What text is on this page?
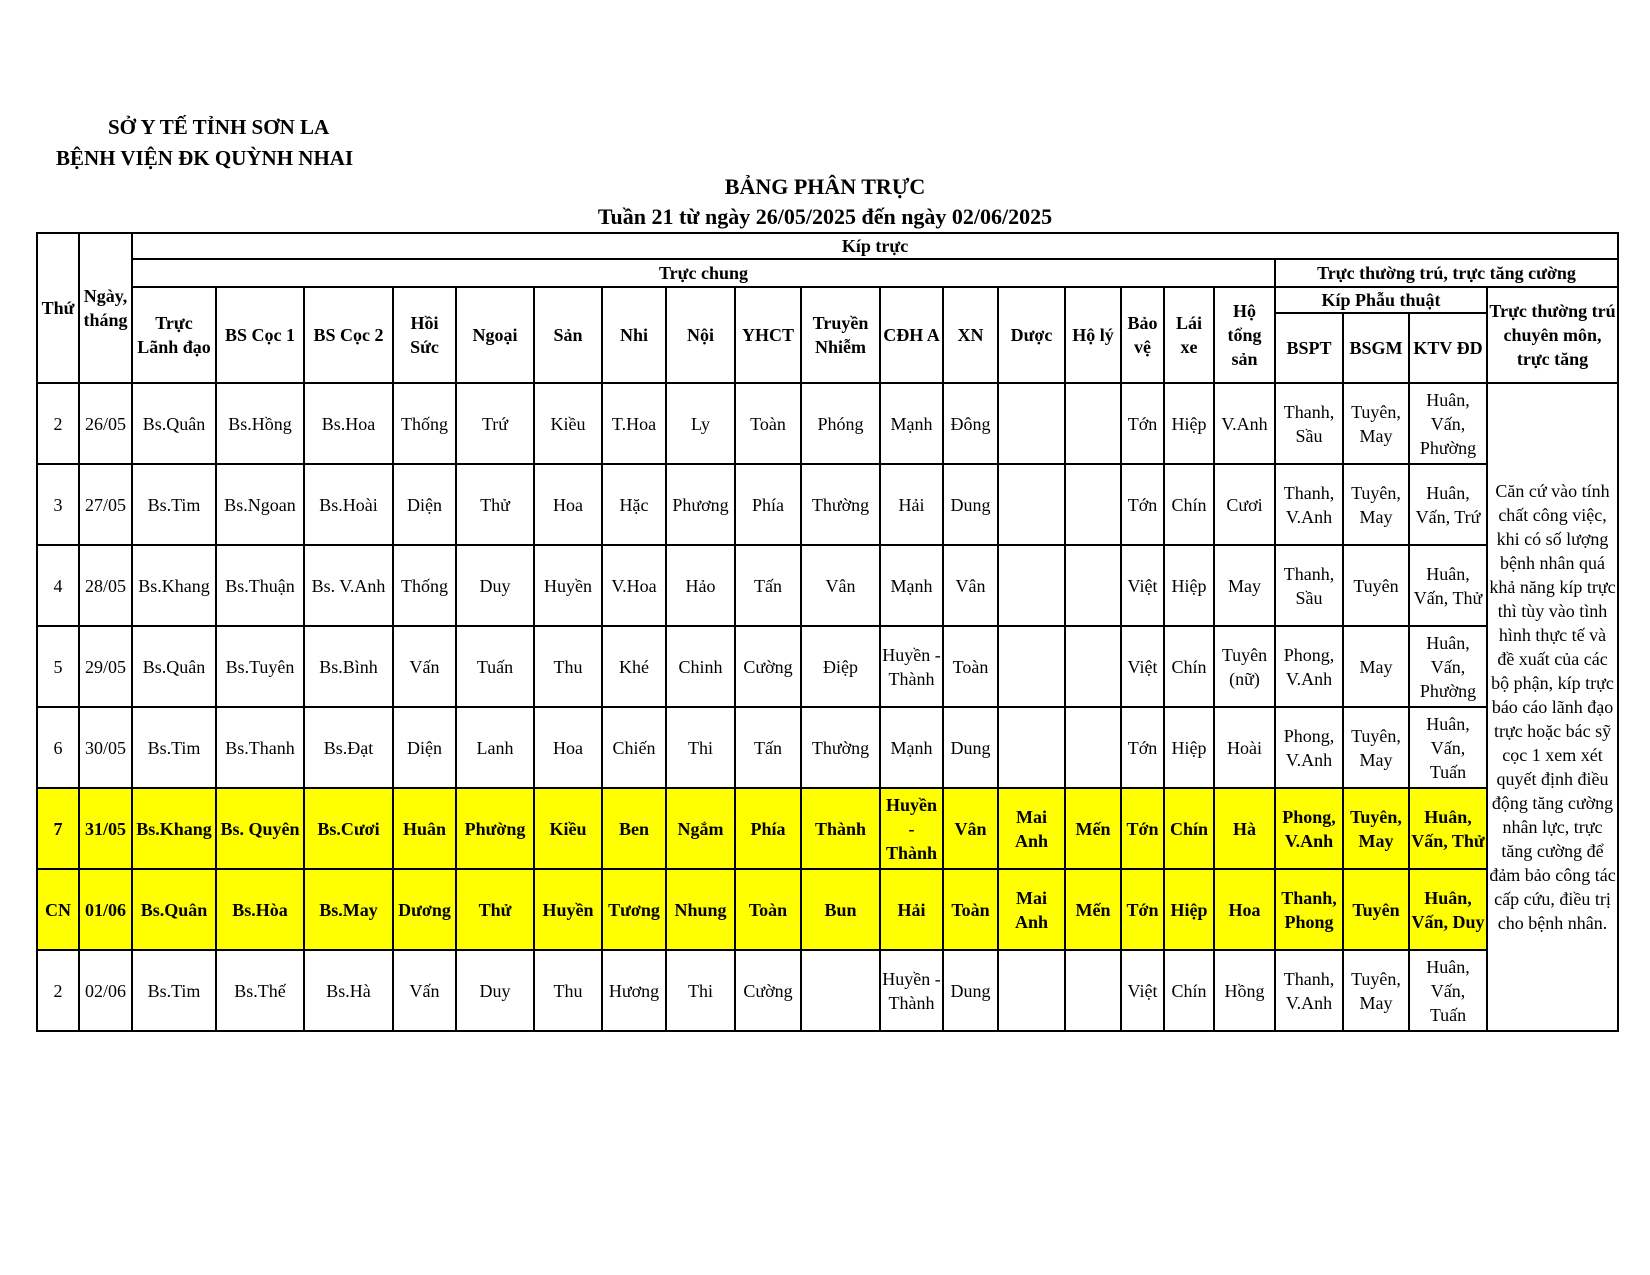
SỞ Y TẾ TỈNH SƠN LA
BỆNH VIỆN ĐK QUỲNH NHAI
BẢNG PHÂN TRỰC
Tuần 21 từ ngày 26/05/2025 đến ngày 02/06/2025
Thứ	Ngày, tháng	Kíp trực																				
		Trực chung																	Trực thường trú, trực tăng cường			
		Trực Lãnh đạo	BS Cọc 1	BS Cọc 2	Hồi Sức	Ngoại	Sản	Nhi	Nội	YHCT	Truyền Nhiễm	CĐH A	XN	Dược	Hộ lý	Bảo vệ	Lái xe	Hộ tổng sản	Kíp Phẫu thuật			Trực thường trú chuyên môn, trực tăng
																			BSPT	BSGM	KTV ĐD	
2	26/05	Bs.Quân	Bs.Hồng	Bs.Hoa	Thống	Trứ	Kiều	T.Hoa	Ly	Toàn	Phóng	Mạnh	Đông			Tớn	Hiệp	V.Anh	Thanh, Sầu	Tuyên, May	Huân, Vấn, Phường	Căn cứ vào tính chất công việc, khi có số lượng bệnh nhân quá khả năng kíp trực thì tùy vào tình hình thực tế và đề xuất của các bộ phận, kíp trực báo cáo lãnh đạo trực hoặc bác sỹ cọc 1 xem xét quyết định điều động tăng cường nhân lực, trực tăng cường để đảm bảo công tác cấp cứu, điều trị cho bệnh nhân.
3	27/05	Bs.Tim	Bs.Ngoan	Bs.Hoài	Diện	Thử	Hoa	Hặc	Phương	Phía	Thường	Hải	Dung			Tớn	Chín	Cươi	Thanh, V.Anh	Tuyên, May	Huân, Vấn, Trứ	
4	28/05	Bs.Khang	Bs.Thuận	Bs. V.Anh	Thống	Duy	Huyền	V.Hoa	Hảo	Tấn	Vân	Mạnh	Vân			Việt	Hiệp	May	Thanh, Sầu	Tuyên	Huân, Vấn, Thử	
5	29/05	Bs.Quân	Bs.Tuyên	Bs.Bình	Vấn	Tuấn	Thu	Khé	Chinh	Cường	Điệp	Huyền -Thành	Toàn			Việt	Chín	Tuyên (nữ)	Phong, V.Anh	May	Huân, Vấn, Phường	
6	30/05	Bs.Tim	Bs.Thanh	Bs.Đạt	Diện	Lanh	Hoa	Chiến	Thi	Tấn	Thường	Mạnh	Dung			Tớn	Hiệp	Hoài	Phong, V.Anh	Tuyên, May	Huân, Vấn, Tuấn	
7	31/05	Bs.Khang	Bs. Quyên	Bs.Cươi	Huân	Phường	Kiều	Ben	Ngắm	Phía	Thành	Huyền - Thành	Vân	Mai Anh	Mến	Tớn	Chín	Hà	Phong, V.Anh	Tuyên, May	Huân, Vấn, Thử	
CN	01/06	Bs.Quân	Bs.Hòa	Bs.May	Dương	Thử	Huyền	Tương	Nhung	Toàn	Bun	Hải	Toàn	Mai Anh	Mến	Tớn	Hiệp	Hoa	Thanh, Phong	Tuyên	Huân, Vấn, Duy	
2	02/06	Bs.Tim	Bs.Thế	Bs.Hà	Vấn	Duy	Thu	Hương	Thi	Cường		Huyền -Thành	Dung			Việt	Chín	Hồng	Thanh, V.Anh	Tuyên, May	Huân, Vấn, Tuấn	
